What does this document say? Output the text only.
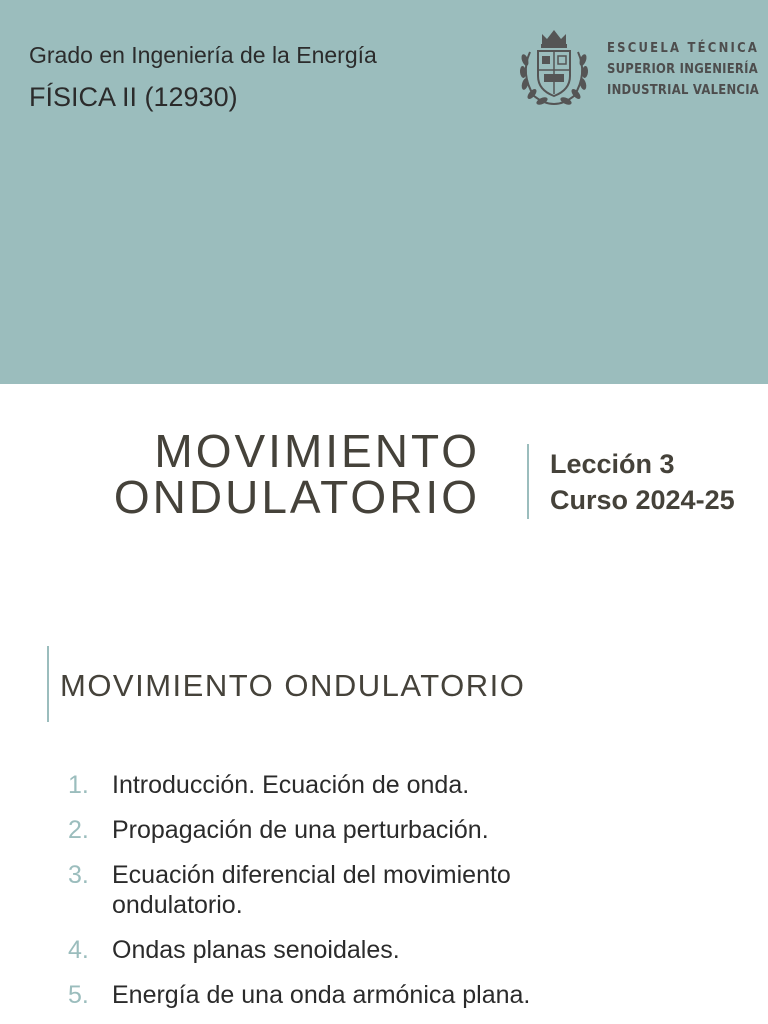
Grado en Ingeniería de la Energía
FÍSICA II (12930)
ESCUELA TÉCNICA
SUPERIOR INGENIERÍA
INDUSTRIAL VALENCIA
MOVIMIENTO
ONDULATORIO
Lección 3
Curso 2024-25
MOVIMIENTO ONDULATORIO
1. Introducción. Ecuación de onda.
2. Propagación de una perturbación.
3. Ecuación diferencial del movimiento ondulatorio.
4. Ondas planas senoidales.
5. Energía de una onda armónica plana.
